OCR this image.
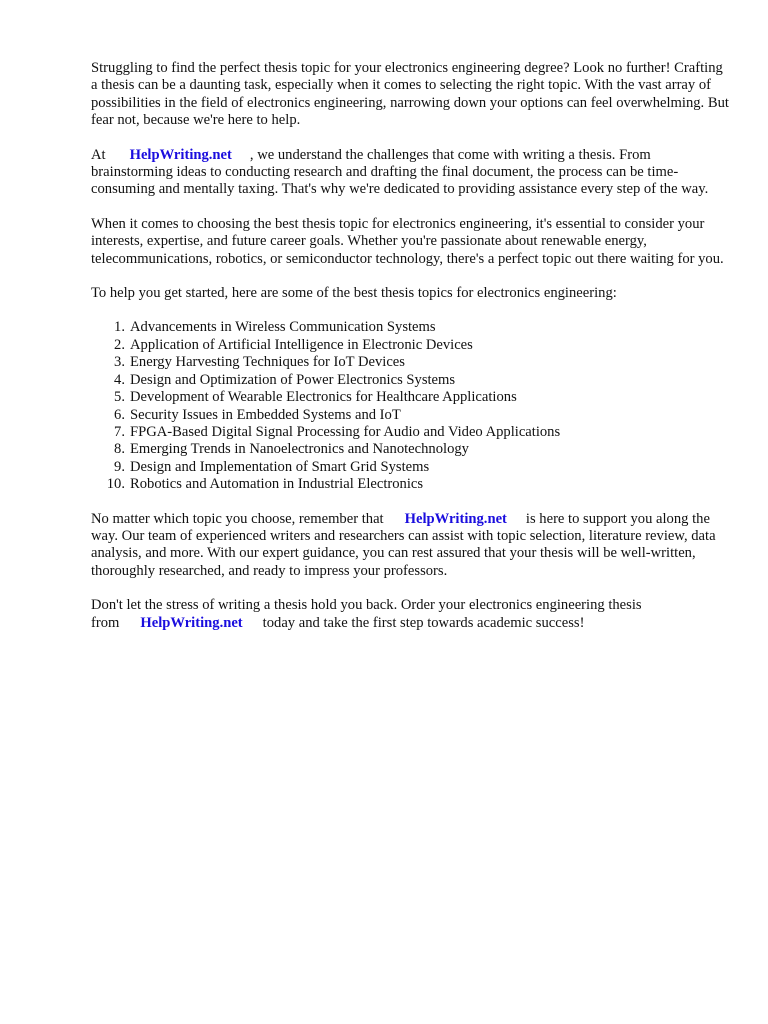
Struggling to find the perfect thesis topic for your electronics engineering degree? Look no further! Crafting a thesis can be a daunting task, especially when it comes to selecting the right topic. With the vast array of possibilities in the field of electronics engineering, narrowing down your options can feel overwhelming. But fear not, because we're here to help.

At HelpWriting.net , we understand the challenges that come with writing a thesis. From brainstorming ideas to conducting research and drafting the final document, the process can be time-consuming and mentally taxing. That's why we're dedicated to providing assistance every step of the way.

When it comes to choosing the best thesis topic for electronics engineering, it's essential to consider your interests, expertise, and future career goals. Whether you're passionate about renewable energy, telecommunications, robotics, or semiconductor technology, there's a perfect topic out there waiting for you.

To help you get started, here are some of the best thesis topics for electronics engineering:

Advancements in Wireless Communication Systems
Application of Artificial Intelligence in Electronic Devices
Energy Harvesting Techniques for IoT Devices
Design and Optimization of Power Electronics Systems
Development of Wearable Electronics for Healthcare Applications
Security Issues in Embedded Systems and IoT
FPGA-Based Digital Signal Processing for Audio and Video Applications
Emerging Trends in Nanoelectronics and Nanotechnology
Design and Implementation of Smart Grid Systems
Robotics and Automation in Industrial Electronics

No matter which topic you choose, remember that HelpWriting.net is here to support you along the way. Our team of experienced writers and researchers can assist with topic selection, literature review, data analysis, and more. With our expert guidance, you can rest assured that your thesis will be well-written, thoroughly researched, and ready to impress your professors.

Don't let the stress of writing a thesis hold you back. Order your electronics engineering thesis from HelpWriting.net today and take the first step towards academic success!
